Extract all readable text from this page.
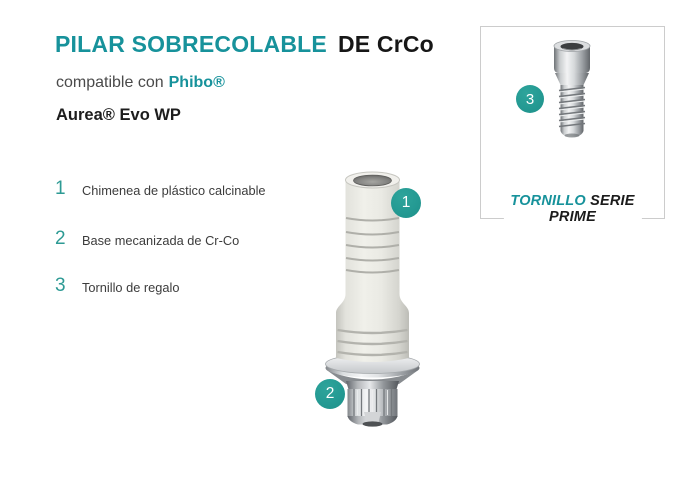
PILAR SOBRECOLABLE DE CrCo
compatible con Phibo®
Aurea® Evo WP
1	Chimenea de plástico calcinable
2	Base mecanizada de Cr-Co
3	Tornillo de regalo
1
2
TORNILLO SERIE
PRIME
3
